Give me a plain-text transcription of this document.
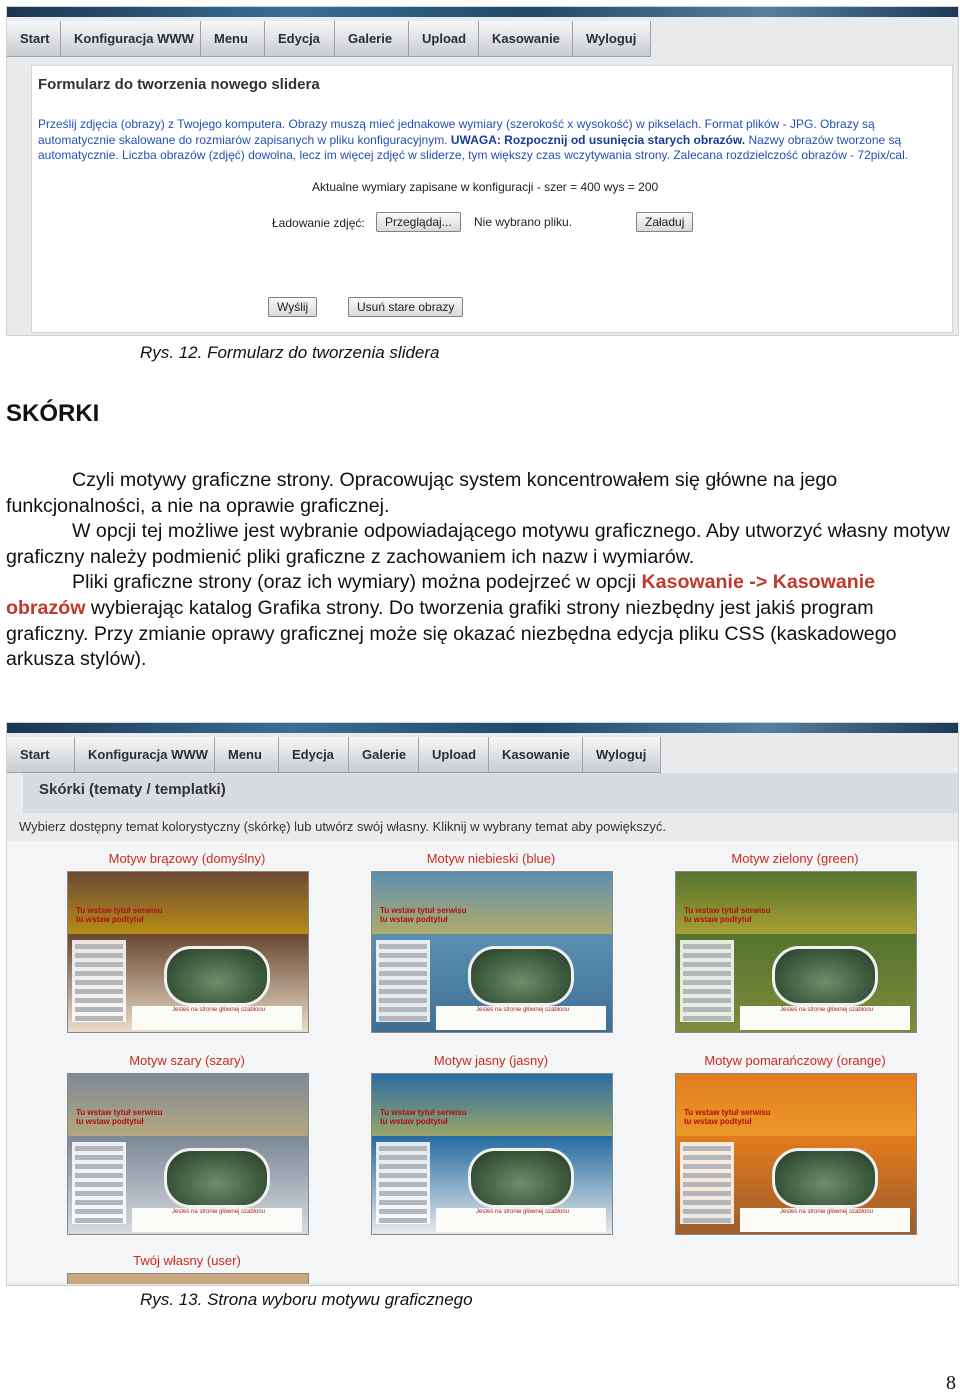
Start	Konfiguracja WWW	Menu	Edycja	Galerie	Upload	Kasowanie	Wyloguj
Formularz do tworzenia nowego slidera
Prześlij zdjęcia (obrazy) z Twojego komputera. Obrazy muszą mieć jednakowe wymiary (szerokość x wysokość) w pikselach. Format plików - JPG. Obrazy są
automatycznie skalowane do rozmiarów zapisanych w pliku konfiguracyjnym. UWAGA: Rozpocznij od usunięcia starych obrazów. Nazwy obrazów tworzone są
automatycznie. Liczba obrazów (zdjęć) dowolna, lecz im więcej zdjęć w sliderze, tym większy czas wczytywania strony. Zalecana rozdzielczość obrazów - 72pix/cal.
Aktualne wymiary zapisane w konfiguracji - szer = 400 wys = 200
Ładowanie zdjęć:	Przeglądaj...	Nie wybrano pliku.	Załaduj
Wyślij	Usuń stare obrazy
Rys. 12. Formularz do tworzenia slidera
SKÓRKI

Czyli motywy graficzne strony. Opracowując system koncentrowałem się główne na jego funkcjonalności, a nie na oprawie graficznej.

W opcji tej możliwe jest wybranie odpowiadającego motywu graficznego. Aby utworzyć własny motyw graficzny należy podmienić pliki graficzne z zachowaniem ich nazw i wymiarów.

Pliki graficzne strony (oraz ich wymiary) można podejrzeć w opcji Kasowanie -> Kasowanie obrazów wybierając katalog Grafika strony. Do tworzenia grafiki strony niezbędny jest jakiś program graficzny. Przy zmianie oprawy graficznej może się okazać niezbędna edycja pliku CSS (kaskadowego arkusza stylów).

Start	Konfiguracja WWW	Menu	Edycja	Galerie	Upload	Kasowanie	Wyloguj
Skórki (tematy / templatki)
Wybierz dostępny temat kolorystyczny (skórkę) lub utwórz swój własny. Kliknij w wybrany temat aby powiększyć.
Motyw brązowy (domyślny)
Tu wstaw tytuł serwisu
tu wstaw podtytuł
Jesteś na stronie głównej szablonu
Motyw niebieski (blue)
Tu wstaw tytuł serwisu
tu wstaw podtytuł
Jesteś na stronie głównej szablonu
Motyw zielony (green)
Tu wstaw tytuł serwisu
tu wstaw podtytuł
Jesteś na stronie głównej szablonu
Motyw szary (szary)
Tu wstaw tytuł serwisu
tu wstaw podtytuł
Jesteś na stronie głównej szablonu
Motyw jasny (jasny)
Tu wstaw tytuł serwisu
tu wstaw podtytuł
Jesteś na stronie głównej szablonu
Motyw pomarańczowy (orange)
Tu wstaw tytuł serwisu
tu wstaw podtytuł
Jesteś na stronie głównej szablonu
Twój własny (user)
Rys. 13. Strona wyboru motywu graficznego
8
